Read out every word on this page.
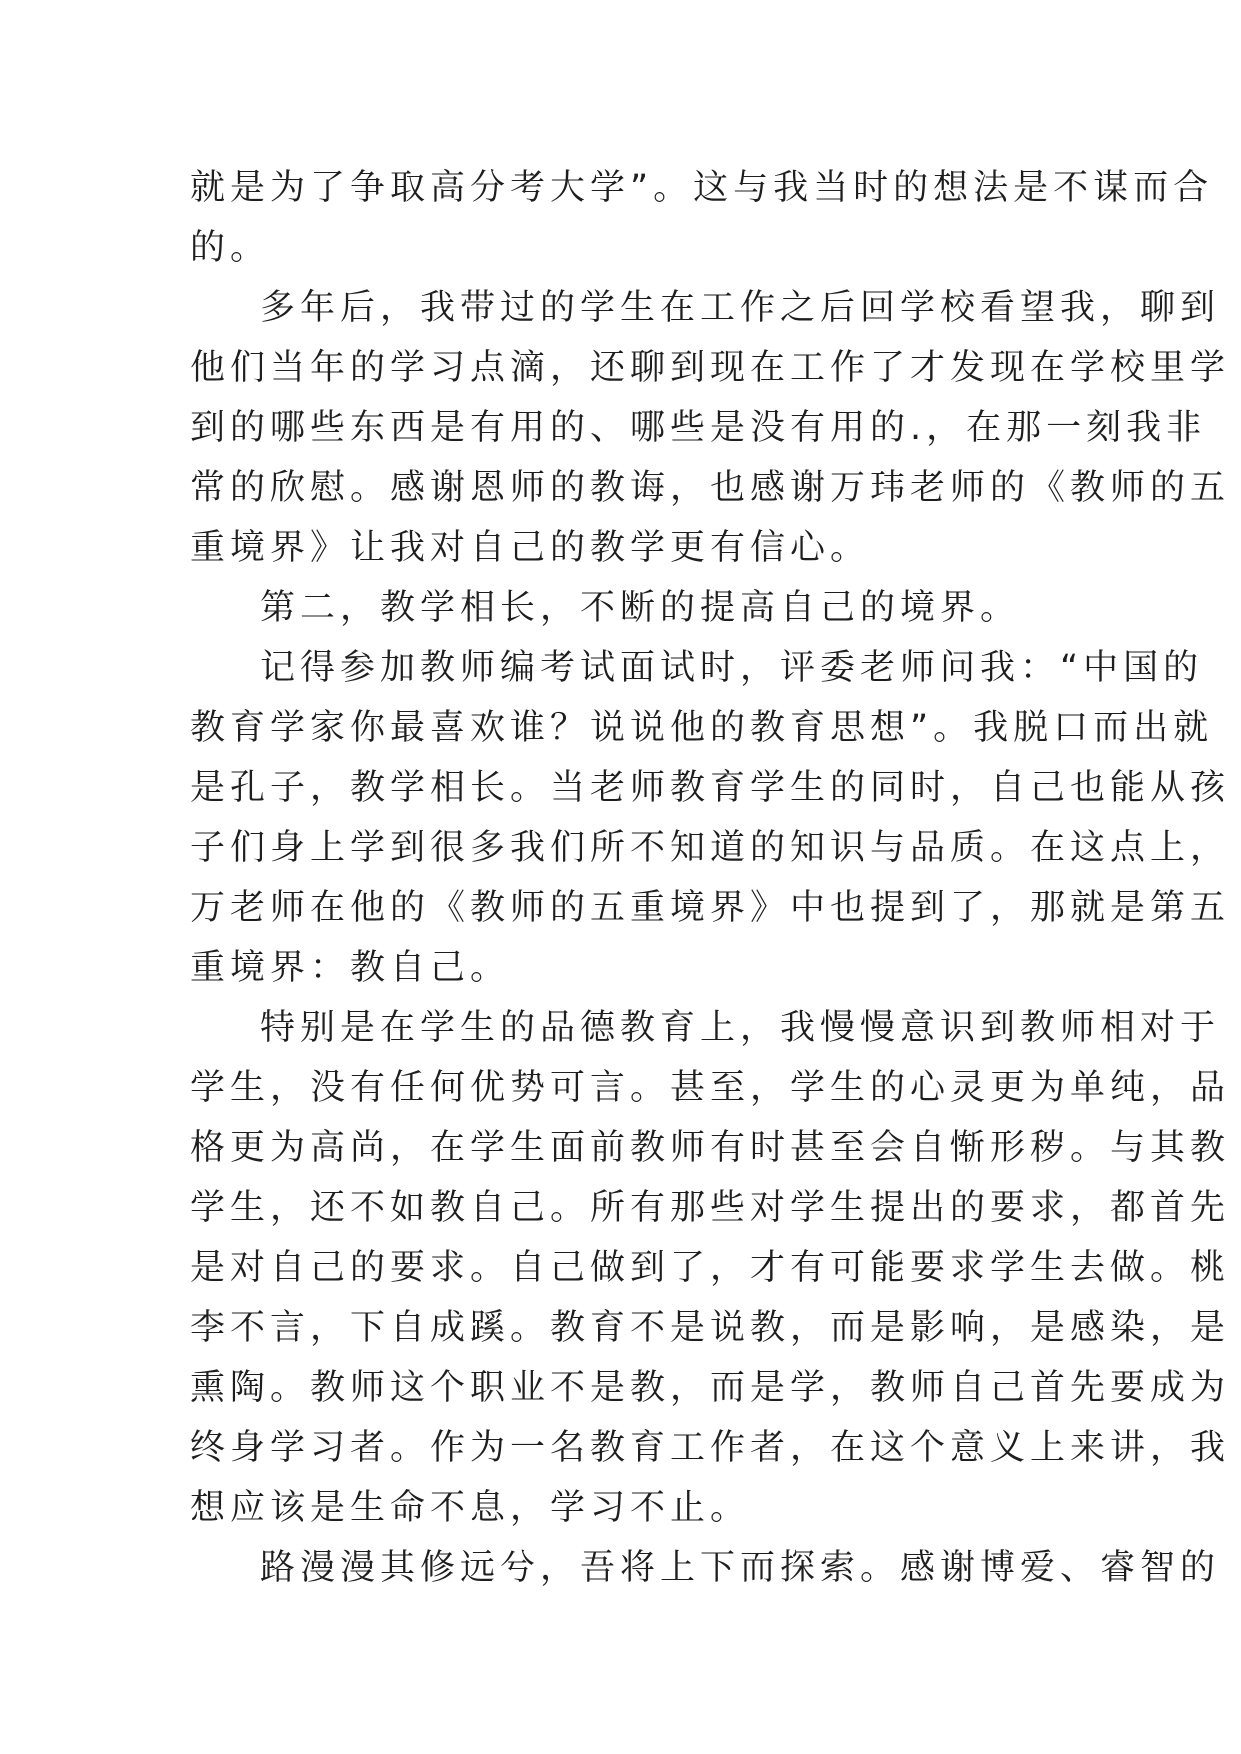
就是为了争取高分考大学”。这与我当时的想法是不谋而合
的。

多年后，我带过的学生在工作之后回学校看望我，聊到
他们当年的学习点滴，还聊到现在工作了才发现在学校里学
到的哪些东西是有用的、哪些是没有用的.，在那一刻我非
常的欣慰。感谢恩师的教诲，也感谢万玮老师的《教师的五
重境界》让我对自己的教学更有信心。

第二，教学相长，不断的提高自己的境界。

记得参加教师编考试面试时，评委老师问我：“中国的
教育学家你最喜欢谁？说说他的教育思想”。我脱口而出就
是孔子，教学相长。当老师教育学生的同时，自己也能从孩
子们身上学到很多我们所不知道的知识与品质。在这点上，
万老师在他的《教师的五重境界》中也提到了，那就是第五
重境界：教自己。

特别是在学生的品德教育上，我慢慢意识到教师相对于
学生，没有任何优势可言。甚至，学生的心灵更为单纯，品
格更为高尚，在学生面前教师有时甚至会自惭形秽。与其教
学生，还不如教自己。所有那些对学生提出的要求，都首先
是对自己的要求。自己做到了，才有可能要求学生去做。桃
李不言，下自成蹊。教育不是说教，而是影响，是感染，是
熏陶。教师这个职业不是教，而是学，教师自己首先要成为
终身学习者。作为一名教育工作者，在这个意义上来讲，我
想应该是生命不息，学习不止。

路漫漫其修远兮，吾将上下而探索。感谢博爱、睿智的
